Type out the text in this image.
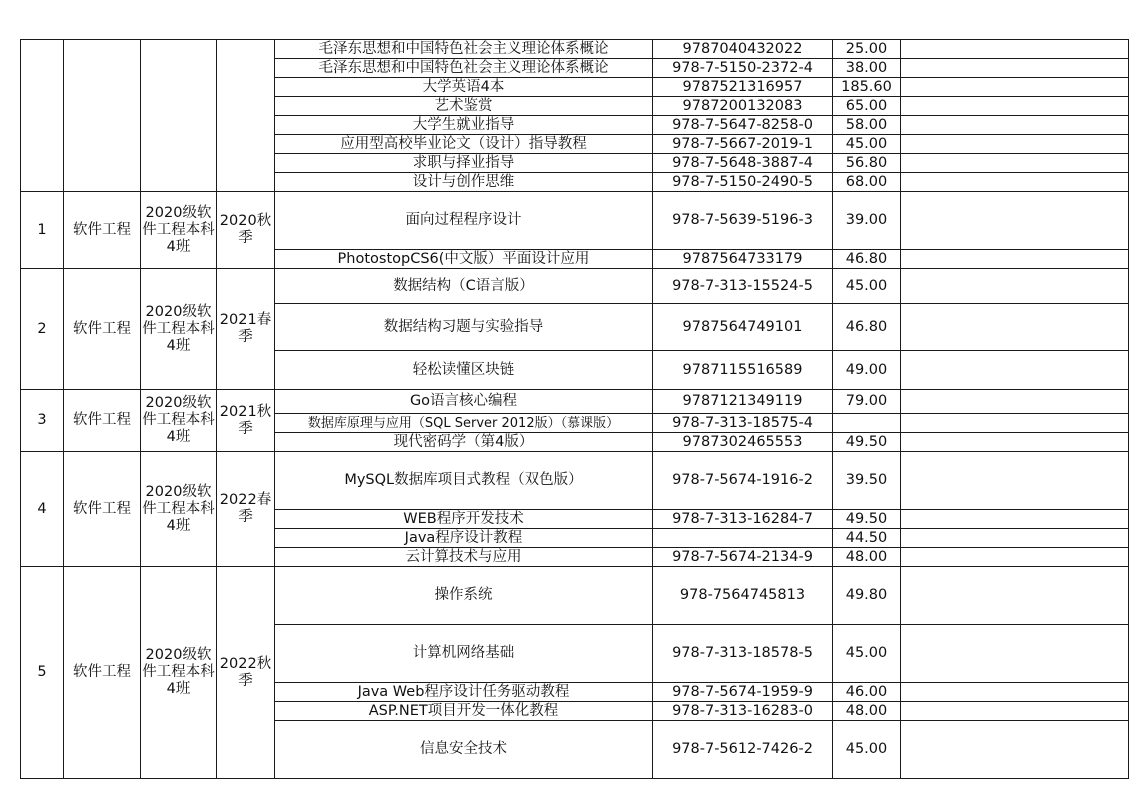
				毛泽东思想和中国特色社会主义理论体系概论	9787040432022	25.00	
				毛泽东思想和中国特色社会主义理论体系概论	978-7-5150-2372-4	38.00	
				大学英语4本	9787521316957	185.60	
				艺术鉴赏	9787200132083	65.00	
				大学生就业指导	978-7-5647-8258-0	58.00	
				应用型高校毕业论文（设计）指导教程	978-7-5667-2019-1	45.00	
				求职与择业指导	978-7-5648-3887-4	56.80	
				设计与创作思维	978-7-5150-2490-5	68.00	
1	软件工程	2020级软件工程本科4班	2020秋季	面向过程程序设计	978-7-5639-5196-3	39.00	
				PhotostopCS6(中文版）平面设计应用	9787564733179	46.80	
2	软件工程	2020级软件工程本科4班	2021春季	数据结构（C语言版）	978-7-313-15524-5	45.00	
				数据结构习题与实验指导	9787564749101	46.80	
				轻松读懂区块链	9787115516589	49.00	
3	软件工程	2020级软件工程本科4班	2021秋季	Go语言核心编程	9787121349119	79.00	
				数据库原理与应用（SQL Server 2012版）（慕课版）	978-7-313-18575-4		
				现代密码学（第4版）	9787302465553	49.50	
4	软件工程	2020级软件工程本科4班	2022春季	MySQL数据库项目式教程（双色版）	978-7-5674-1916-2	39.50	
				WEB程序开发技术	978-7-313-16284-7	49.50	
				Java程序设计教程		44.50	
				云计算技术与应用	978-7-5674-2134-9	48.00	
5	软件工程	2020级软件工程本科4班	2022秋季	操作系统	978-7564745813	49.80	
				计算机网络基础	978-7-313-18578-5	45.00	
				Java Web程序设计任务驱动教程	978-7-5674-1959-9	46.00	
				ASP.NET项目开发一体化教程	978-7-313-16283-0	48.00	
				信息安全技术	978-7-5612-7426-2	45.00	
